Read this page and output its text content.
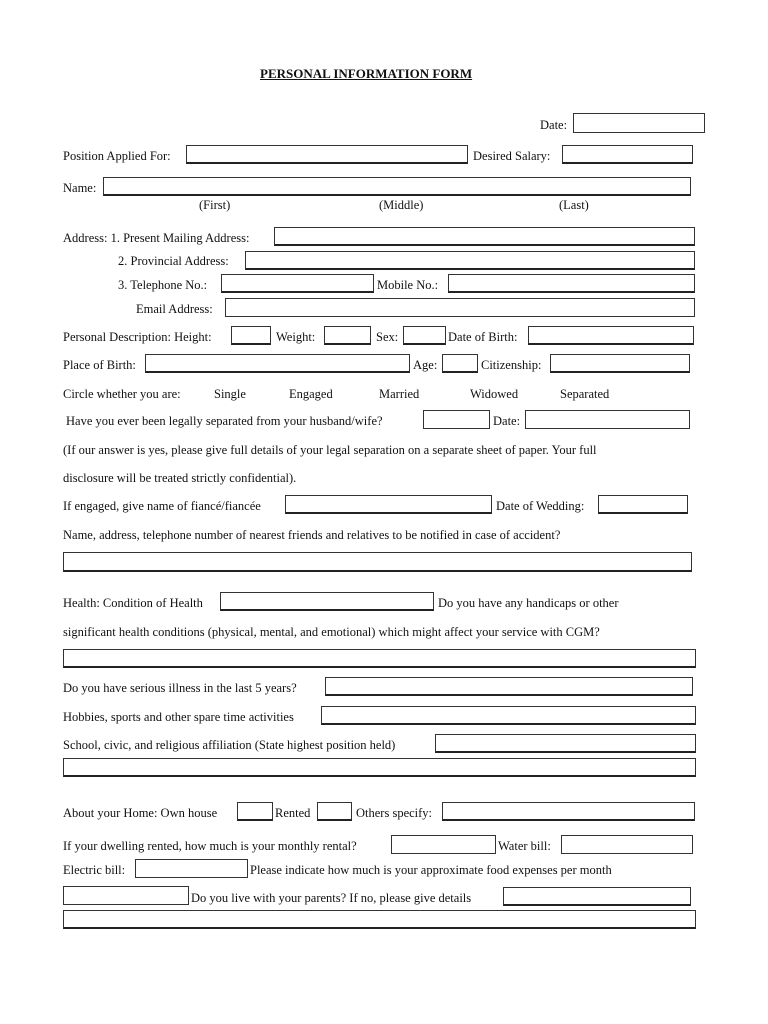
PERSONAL INFORMATION FORM
Date:
Position Applied For:	Desired Salary:
Name:
(First)	(Middle)	(Last)
Address: 1. Present Mailing Address:
2. Provincial Address:
3. Telephone No.:	Mobile No.:
Email Address:
Personal Description: Height:	Weight:	Sex:	Date of Birth:
Place of Birth:	Age:	Citizenship:
Circle whether you are:	Single	Engaged	Married	Widowed	Separated
Have you ever been legally separated from your husband/wife?	Date:
(If our answer is yes, please give full details of your legal separation on a separate sheet of paper. Your full
disclosure will be treated strictly confidential).
If engaged, give name of fiancé/fiancée	Date of Wedding:
Name, address, telephone number of nearest friends and relatives to be notified in case of accident?
Health: Condition of Health	Do you have any handicaps or other
significant health conditions (physical, mental, and emotional) which might affect your service with CGM?
Do you have serious illness in the last 5 years?
Hobbies, sports and other spare time activities
School, civic, and religious affiliation (State highest position held)
About your Home: Own house	Rented	Others specify:
If your dwelling rented, how much is your monthly rental?	Water bill:
Electric bill:	Please indicate how much is your approximate food expenses per month
Do you live with your parents? If no, please give details
